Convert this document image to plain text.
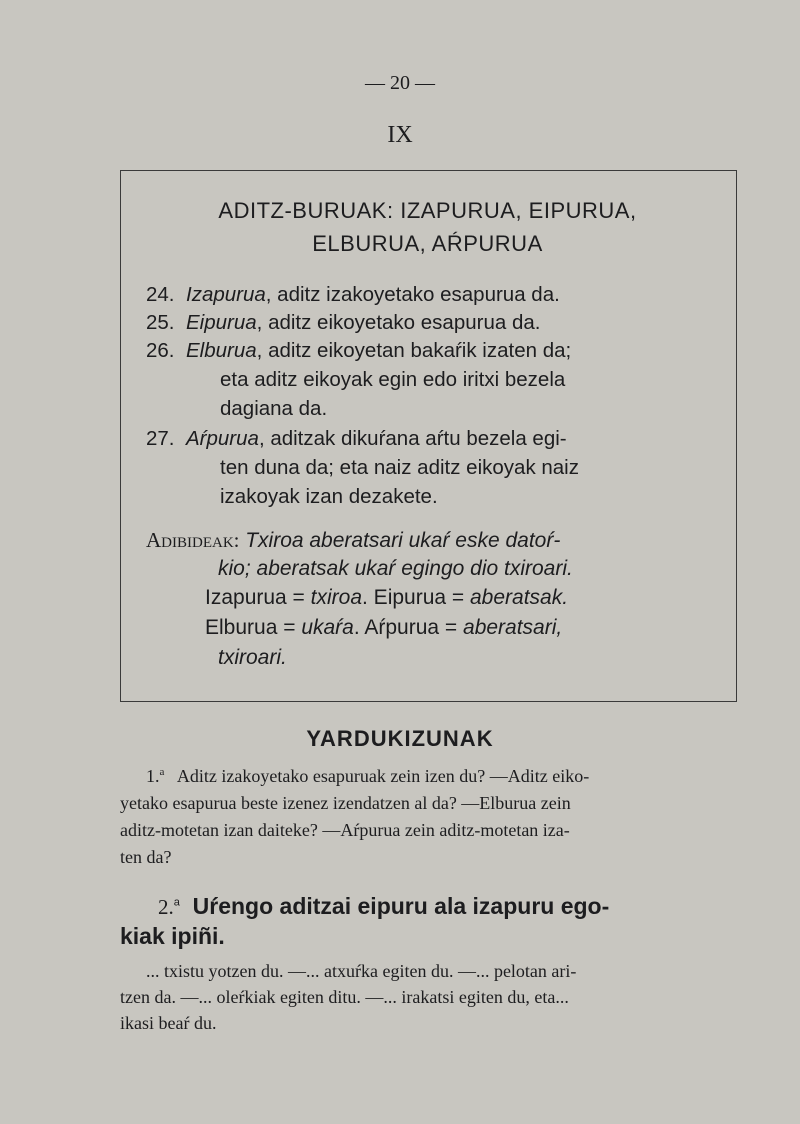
— 20 —
IX
ADITZ-BURUAK: IZAPURUA, EIPURUA,
ELBURUA, AŔPURUA
24. Izapurua, aditz izakoyetako esapurua da.
25. Eipurua, aditz eikoyetako esapurua da.
26. Elburua, aditz eikoyetan bakaŕik izaten da;
eta aditz eikoyak egin edo iritxi bezela
dagiana da.
27. Aŕpurua, aditzak dikuŕana aŕtu bezela egi-
ten duna da; eta naiz aditz eikoyak naiz
izakoyak izan dezakete.
Adibideak: Txiroa aberatsari ukaŕ eske datoŕ-
kio; aberatsak ukaŕ egingo dio txiroari.
Izapurua = txiroa. Eipurua = aberatsak.
Elburua = ukaŕa. Aŕpurua = aberatsari,
txiroari.
YARDUKIZUNAK
1.$^a$ Aditz izakoyetako esapuruak zein izen du? —Aditz eiko-
yetako esapurua beste izenez izendatzen al da? —Elburua zein
aditz-motetan izan daiteke? —Aŕpurua zein aditz-motetan iza-
ten da?
2.$^a$ Uŕengo aditzai eipuru ala izapuru ego-
kiak ipiñi.
... txistu yotzen du. —... atxuŕka egiten du. —... pelotan ari-
tzen da. —... oleŕkiak egiten ditu. —... irakatsi egiten du, eta...
ikasi beaŕ du.
